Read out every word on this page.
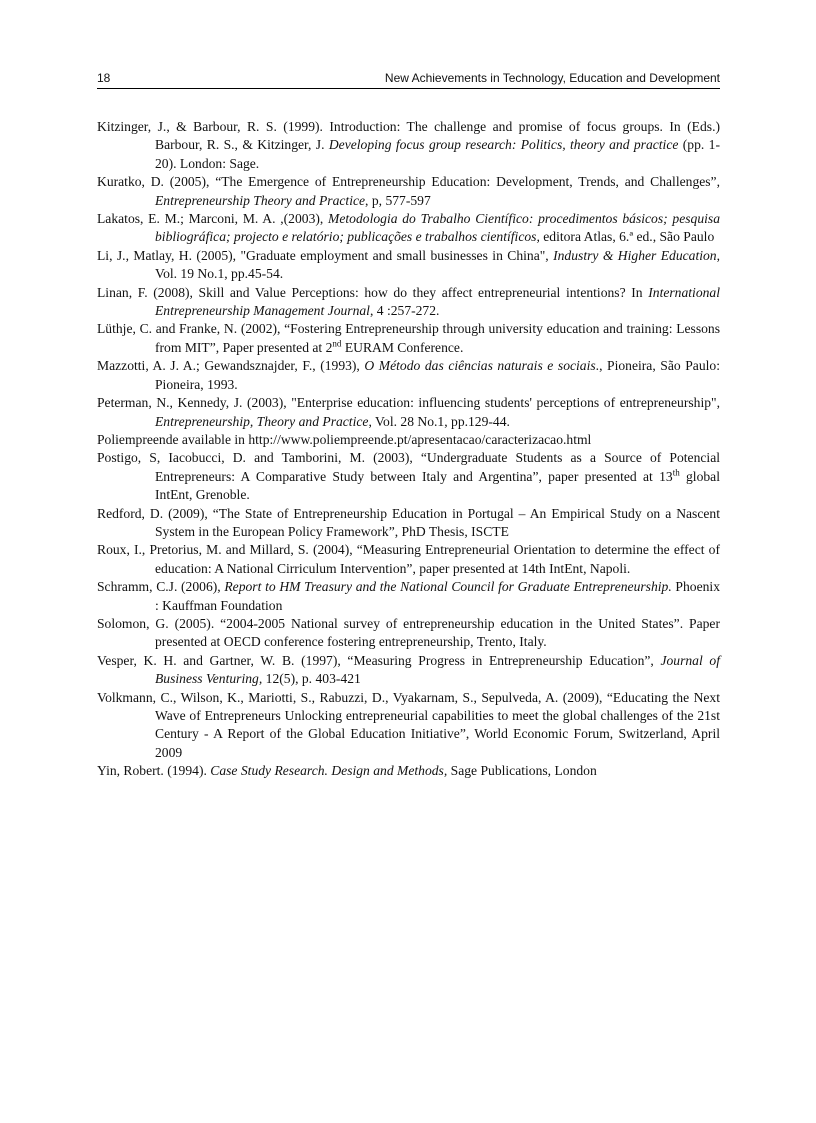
18	New Achievements in Technology, Education and Development
Kitzinger, J., & Barbour, R. S. (1999). Introduction: The challenge and promise of focus groups. In (Eds.) Barbour, R. S., & Kitzinger, J. Developing focus group research: Politics, theory and practice (pp. 1-20). London: Sage.
Kuratko, D. (2005), “The Emergence of Entrepreneurship Education: Development, Trends, and Challenges”, Entrepreneurship Theory and Practice, p, 577-597
Lakatos, E. M.; Marconi, M. A. ,(2003), Metodologia do Trabalho Científico: procedimentos básicos; pesquisa bibliográfica; projecto e relatório; publicações e trabalhos científicos, editora Atlas, 6.ª ed., São Paulo
Li, J., Matlay, H. (2005), "Graduate employment and small businesses in China", Industry & Higher Education, Vol. 19 No.1, pp.45-54.
Linan, F. (2008), Skill and Value Perceptions: how do they affect entrepreneurial intentions? In International Entrepreneurship Management Journal, 4 :257-272.
Lüthje, C. and Franke, N. (2002), “Fostering Entrepreneurship through university education and training: Lessons from MIT”, Paper presented at 2nd EURAM Conference.
Mazzotti, A. J. A.; Gewandsznajder, F., (1993), O Método das ciências naturais e sociais., Pioneira, São Paulo: Pioneira, 1993.
Peterman, N., Kennedy, J. (2003), "Enterprise education: influencing students' perceptions of entrepreneurship", Entrepreneurship, Theory and Practice, Vol. 28 No.1, pp.129-44.
Poliempreende available in http://www.poliempreende.pt/apresentacao/caracterizacao.html
Postigo, S, Iacobucci, D. and Tamborini, M. (2003), “Undergraduate Students as a Source of Potencial Entrepreneurs: A Comparative Study between Italy and Argentina”, paper presented at 13th global IntEnt, Grenoble.
Redford, D. (2009), “The State of Entrepreneurship Education in Portugal – An Empirical Study on a Nascent System in the European Policy Framework”, PhD Thesis, ISCTE
Roux, I., Pretorius, M. and Millard, S. (2004), “Measuring Entrepreneurial Orientation to determine the effect of education: A National Cirriculum Intervention”, paper presented at 14th IntEnt, Napoli.
Schramm, C.J. (2006), Report to HM Treasury and the National Council for Graduate Entrepreneurship. Phoenix : Kauffman Foundation
Solomon, G. (2005). “2004-2005 National survey of entrepreneurship education in the United States”. Paper presented at OECD conference fostering entrepreneurship, Trento, Italy.
Vesper, K. H. and Gartner, W. B. (1997), “Measuring Progress in Entrepreneurship Education”, Journal of Business Venturing, 12(5), p. 403-421
Volkmann, C., Wilson, K., Mariotti, S., Rabuzzi, D., Vyakarnam, S., Sepulveda, A. (2009), “Educating the Next Wave of Entrepreneurs Unlocking entrepreneurial capabilities to meet the global challenges of the 21st Century - A Report of the Global Education Initiative”, World Economic Forum, Switzerland, April 2009
Yin, Robert. (1994). Case Study Research. Design and Methods, Sage Publications, London
